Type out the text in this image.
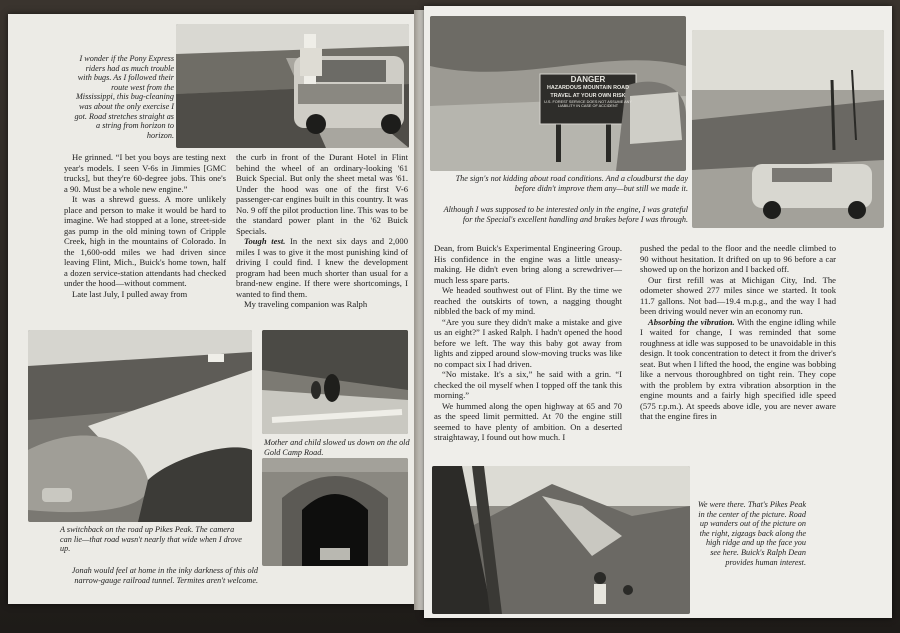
I wonder if the Pony Express riders had as much trouble with bugs. As I followed their route west from the Mississippi, this bug-cleaning was about the only exercise I got. Road stretches straight as a string from horizon to horizon.

He grinned. “I bet you boys are testing next year's models. I seen V-6s in Jimmies [GMC trucks], but they're 60-degree jobs. This one's a 90. Must be a whole new engine.”

It was a shrewd guess. A more unlikely place and person to make it would be hard to imagine. We had stopped at a lone, street-side gas pump in the old mining town of Cripple Creek, high in the mountains of Colorado. In the 1,600-odd miles we had driven since leaving Flint, Mich., Buick's home town, half a dozen service-station attendants had checked under the hood—without comment.

Late last July, I pulled away from

the curb in front of the Durant Hotel in Flint behind the wheel of an ordinary-looking '61 Buick Special. But only the sheet metal was '61. Under the hood was one of the first V-6 passenger-car engines built in this country. It was No. 9 off the pilot production line. This was to be the standard power plant in the '62 Buick Specials.

Tough test. In the next six days and 2,000 miles I was to give it the most punishing kind of driving I could find. I knew the development program had been much shorter than usual for a brand-new engine. If there were shortcomings, I wanted to find them.

My traveling companion was Ralph

A switchback on the road up Pikes Peak. The camera can lie—that road wasn't nearly that wide when I drove up.
Mother and child slowed us down on the old Gold Camp Road.
Jonah would feel at home in the inky darkness of this old narrow-gauge railroad tunnel. Termites aren't welcome.
DANGER
HAZARDOUS MOUNTAIN ROAD
TRAVEL AT YOUR OWN RISK
U.S. FOREST SERVICE DOES NOT ASSUME ANY LIABILITY IN CASE OF ACCIDENT
The sign's not kidding about road conditions. And a cloudburst the day before didn't improve them any—but still we made it.
Although I was supposed to be interested only in the engine, I was grateful for the Special's excellent handling and brakes before I was through.

Dean, from Buick's Experimental Engineering Group. His confidence in the engine was a little uneasy-making. He didn't even bring along a screwdriver—much less spare parts.

We headed southwest out of Flint. By the time we reached the outskirts of town, a nagging thought nibbled the back of my mind.

“Are you sure they didn't make a mistake and give us an eight?” I asked Ralph. I hadn't opened the hood before we left. The way this baby got away from lights and zipped around slow-moving trucks was like no compact six I had driven.

“No mistake. It's a six,” he said with a grin. “I checked the oil myself when I topped off the tank this morning.”

We hummed along the open highway at 65 and 70 as the speed limit permitted. At 70 the engine still seemed to have plenty of ambition. On a deserted straightaway, I found out how much. I

pushed the pedal to the floor and the needle climbed to 90 without hesitation. It drifted on up to 96 before a car showed up on the horizon and I backed off.

Our first refill was at Michigan City, Ind. The odometer showed 277 miles since we started. It took 11.7 gallons. Not bad—19.4 m.p.g., and the way I had been driving would never win an economy run.

Absorbing the vibration. With the engine idling while I waited for change, I was reminded that some roughness at idle was supposed to be unavoidable in this design. It took concentration to detect it from the driver's seat. But when I lifted the hood, the engine was bobbing like a nervous thoroughbred on tight rein. They cope with the problem by extra vibration absorption in the engine mounts and a fairly high specified idle speed (575 r.p.m.). At speeds above idle, you are never aware that the engine fires in

We were there. That's Pikes Peak in the center of the picture. Road up wanders out of the picture on the right, zigzags back along the high ridge and up the face you see here. Buick's Ralph Dean provides human interest.
